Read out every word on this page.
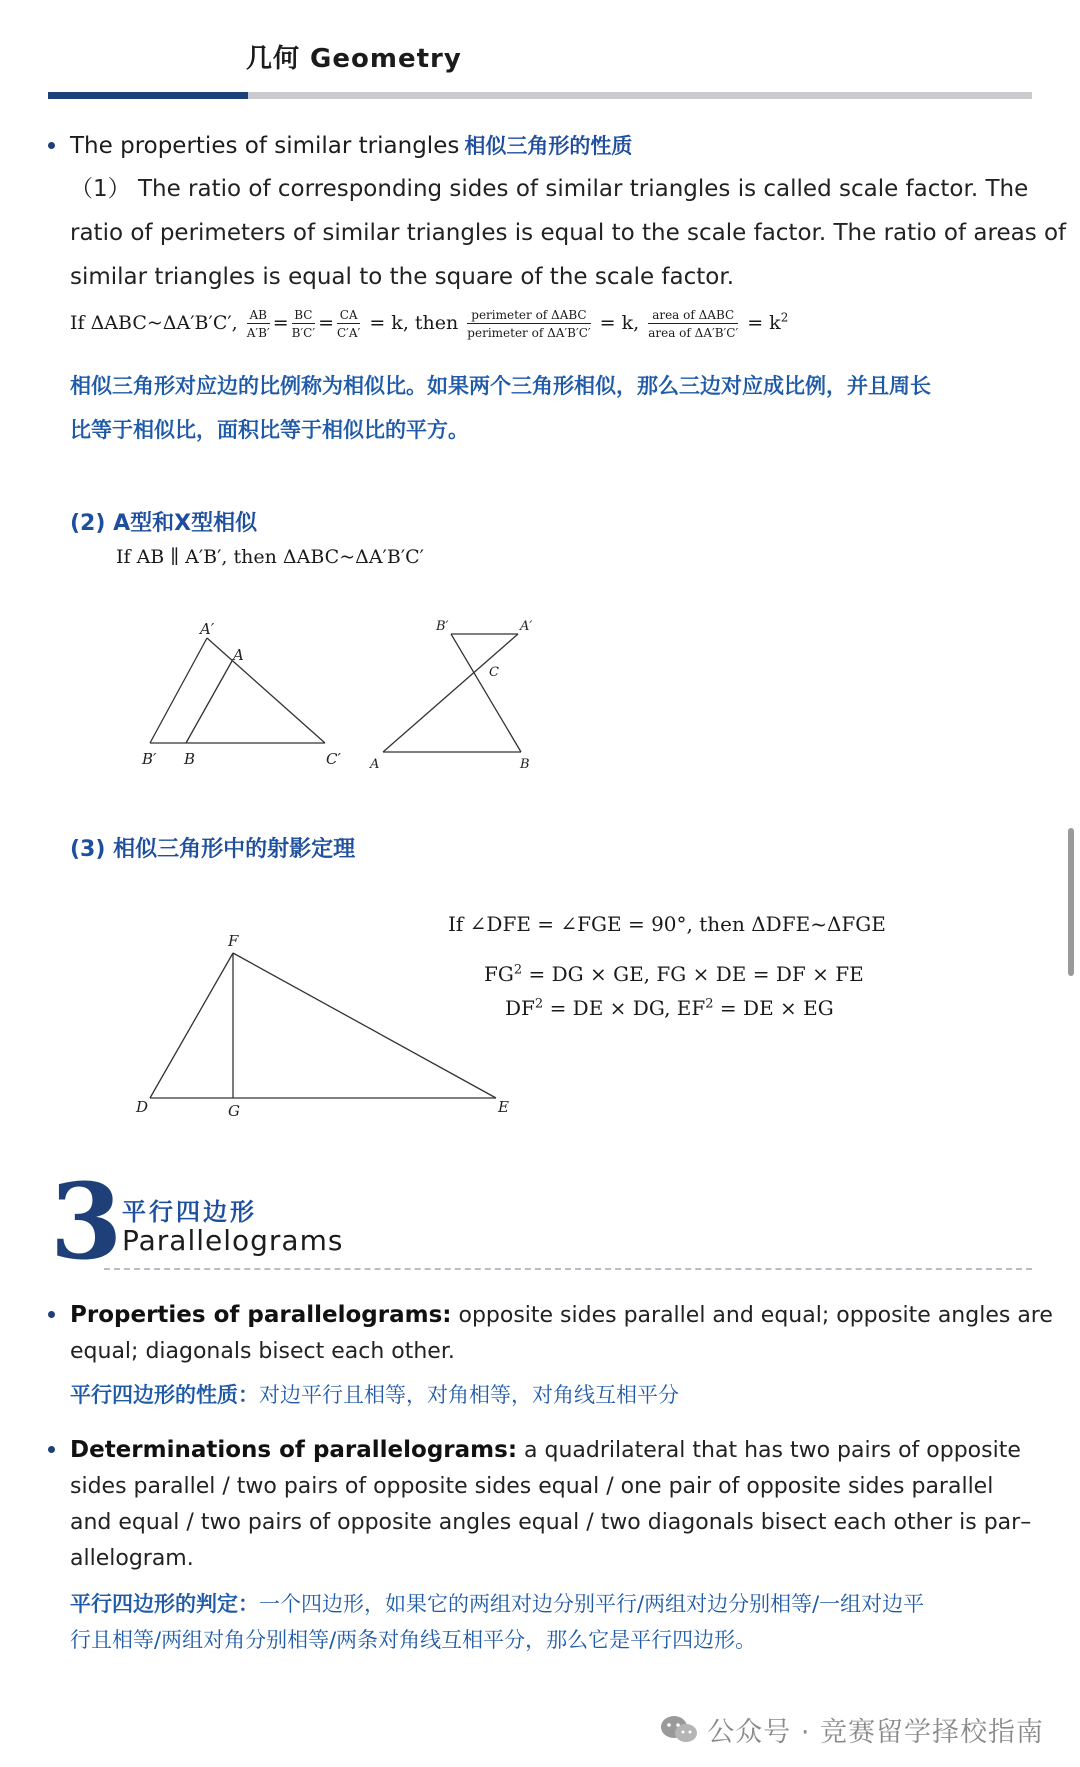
几何 Geometry
The properties of similar triangles 相似三角形的性质
（1） The ratio of corresponding sides of similar triangles is called scale factor. The
ratio of perimeters of similar triangles is equal to the scale factor. The ratio of areas of
similar triangles is equal to the square of the scale factor.
If ΔABC~ΔA′B′C′, $\frac{AB}{A'B'} = \frac{BC}{B'C'} = \frac{CA}{C'A'} = k$, then $\frac{\text{perimeter of ΔABC}}{\text{perimeter of ΔA′B′C′}} = k$, $\frac{\text{area of ΔABC}}{\text{area of ΔA′B′C′}} = k^2$
相似三角形对应边的比例称为相似比。如果两个三角形相似，那么三边对应成比例，并且周长
比等于相似比，面积比等于相似比的平方。
(2) A型和X型相似
If AB ∥ A′B′, then ΔABC~ΔA′B′C′
A′
A
B′ B	C′
B′	A′
C
A	B
(3) 相似三角形中的射影定理
F
D	G	E
If ∠DFE = ∠FGE = 90°, then ΔDFE~ΔFGE
$FG^2$ = DG × GE, FG × DE = DF × FE
$DF^2$ = DE × DG, $EF^2$ = DE × EG
3 平行四边形
Parallelograms
Properties of parallelograms: opposite sides parallel and equal; opposite angles are
equal; diagonals bisect each other.
平行四边形的性质：对边平行且相等，对角相等，对角线互相平分
Determinations of parallelograms: a quadrilateral that has two pairs of opposite
sides parallel / two pairs of opposite sides equal / one pair of opposite sides parallel
and equal / two pairs of opposite angles equal / two diagonals bisect each other is par–
allelogram.
平行四边形的判定：一个四边形，如果它的两组对边分别平行/两组对边分别相等/一组对边平
行且相等/两组对角分别相等/两条对角线互相平分，那么它是平行四边形。
公众号 · 竞赛留学择校指南
